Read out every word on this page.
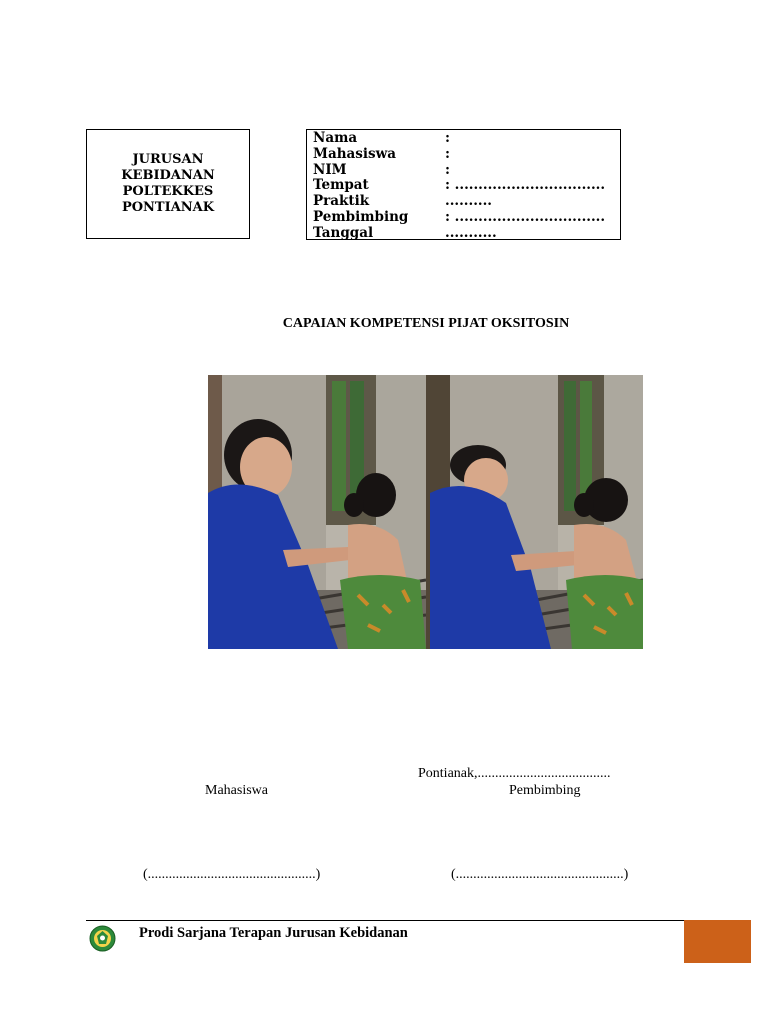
JURUSAN
KEBIDANAN
POLTEKKES
PONTIANAK
Nama	:
Mahasiswa	:
NIM	:
Tempat	: ................................
Praktik	..........
Pembimbing	: ................................
Tanggal	...........
CAPAIAN KOMPETENSI PIJAT OKSITOSIN
Pontianak,......................................
Mahasiswa	Pembimbing
(................................................)	(................................................)
Prodi Sarjana Terapan Jurusan Kebidanan
